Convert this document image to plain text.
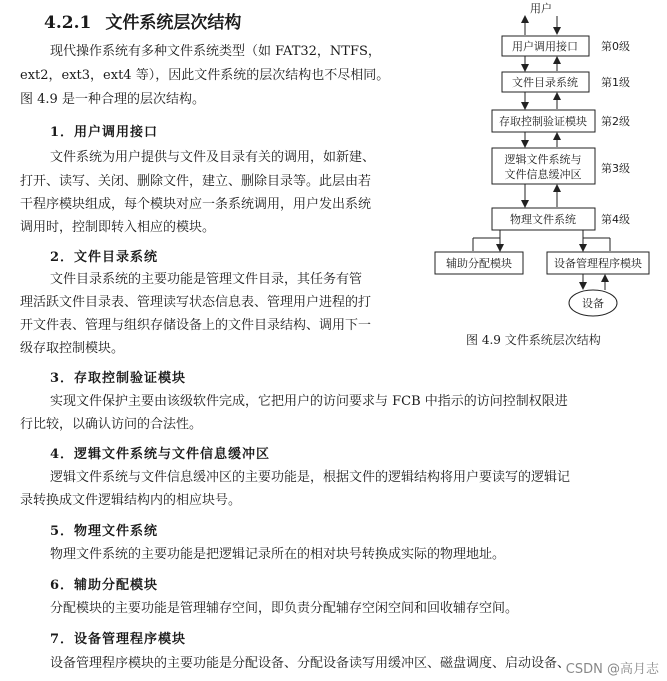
4.2.1 文件系统层次结构
现代操作系统有多种文件系统类型（如 FAT32，NTFS，
ext2，ext3，ext4 等），因此文件系统的层次结构也不尽相同。
图 4.9 是一种合理的层次结构。
1．用户调用接口
文件系统为用户提供与文件及目录有关的调用，如新建、
打开、读写、关闭、删除文件，建立、删除目录等。此层由若
干程序模块组成，每个模块对应一条系统调用，用户发出系统
调用时，控制即转入相应的模块。
2．文件目录系统
文件目录系统的主要功能是管理文件目录，其任务有管
理活跃文件目录表、管理读写状态信息表、管理用户进程的打
开文件表、管理与组织存储设备上的文件目录结构、调用下一
级存取控制模块。
3．存取控制验证模块
实现文件保护主要由该级软件完成，它把用户的访问要求与 FCB 中指示的访问控制权限进
行比较，以确认访问的合法性。
4．逻辑文件系统与文件信息缓冲区
逻辑文件系统与文件信息缓冲区的主要功能是，根据文件的逻辑结构将用户要读写的逻辑记
录转换成文件逻辑结构内的相应块号。
5．物理文件系统
物理文件系统的主要功能是把逻辑记录所在的相对块号转换成实际的物理地址。
6．辅助分配模块
分配模块的主要功能是管理辅存空间，即负责分配辅存空闲空间和回收辅存空间。
7．设备管理程序模块
设备管理程序模块的主要功能是分配设备、分配设备读写用缓冲区、磁盘调度、启动设备、
用户
用户调用接口
文件目录系统
存取控制验证模块
逻辑文件系统与
文件信息缓冲区
物理文件系统
辅助分配模块	设备管理程序模块
设备
第0级
第1级
第2级
第3级
第4级
图 4.9 文件系统层次结构
CSDN @高月志
